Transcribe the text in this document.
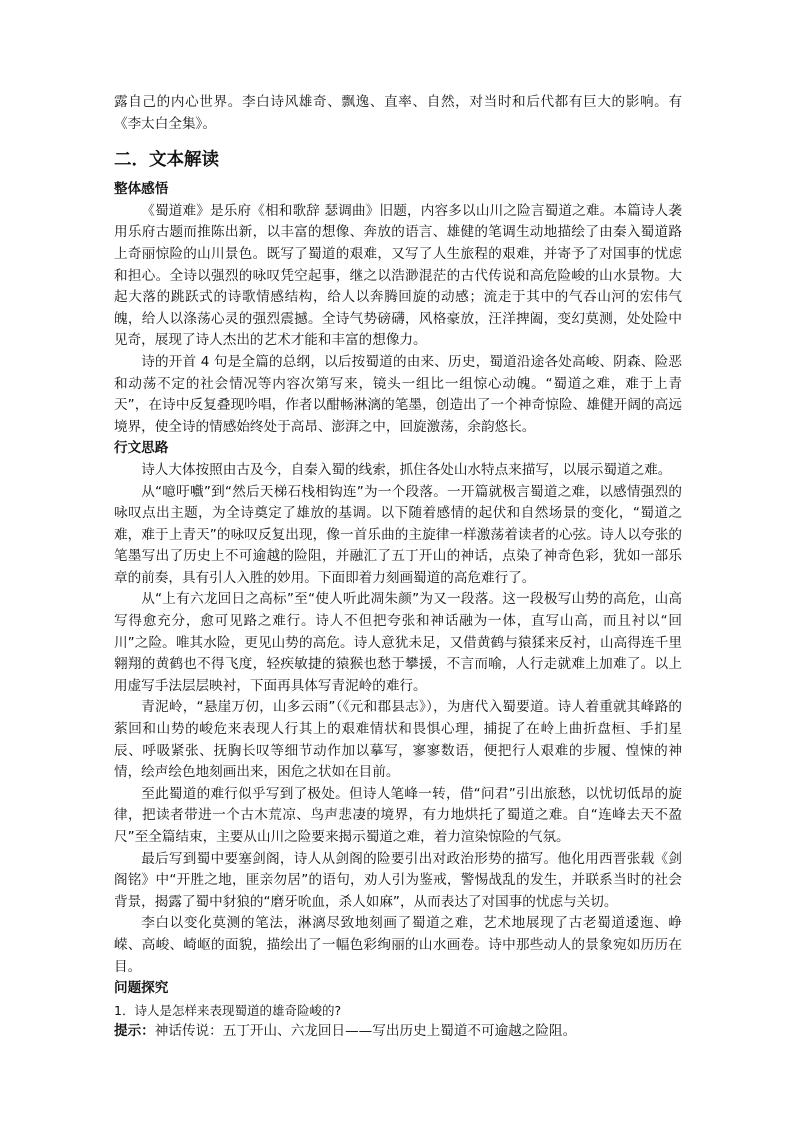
露自己的内心世界。李白诗风雄奇、飘逸、直率、自然，对当时和后代都有巨大的影响。有《李太白全集》。

二．文本解读
整体感悟

《蜀道难》是乐府《相和歌辞 瑟调曲》旧题，内容多以山川之险言蜀道之难。本篇诗人袭用乐府古题而推陈出新，以丰富的想像、奔放的语言、雄健的笔调生动地描绘了由秦入蜀道路上奇丽惊险的山川景色。既写了蜀道的艰难，又写了人生旅程的艰难，并寄予了对国事的忧虑和担心。全诗以强烈的咏叹凭空起事，继之以浩渺混茫的古代传说和高危险峻的山水景物。大起大落的跳跃式的诗歌情感结构，给人以奔腾回旋的动感；流走于其中的气吞山河的宏伟气魄，给人以涤荡心灵的强烈震撼。全诗气势磅礴，风格豪放，汪洋捭阖，变幻莫测，处处险中见奇，展现了诗人杰出的艺术才能和丰富的想像力。

诗的开首 4 句是全篇的总纲，以后按蜀道的由来、历史，蜀道沿途各处高峻、阴森、险恶和动荡不定的社会情况等内容次第写来，镜头一组比一组惊心动魄。“蜀道之难，难于上青天”，在诗中反复叠现吟唱，作者以酣畅淋漓的笔墨，创造出了一个神奇惊险、雄健开阔的高远境界，使全诗的情感始终处于高昂、澎湃之中，回旋激荡，余韵悠长。

行文思路

诗人大体按照由古及今，自秦入蜀的线索，抓住各处山水特点来描写，以展示蜀道之难。

从“噫吁嚱”到“然后天梯石栈相钩连”为一个段落。一开篇就极言蜀道之难，以感情强烈的咏叹点出主题，为全诗奠定了雄放的基调。以下随着感情的起伏和自然场景的变化，“蜀道之难，难于上青天”的咏叹反复出现，像一首乐曲的主旋律一样激荡着读者的心弦。诗人以夸张的笔墨写出了历史上不可逾越的险阻，并融汇了五丁开山的神话，点染了神奇色彩，犹如一部乐章的前奏，具有引人入胜的妙用。下面即着力刻画蜀道的高危难行了。

从“上有六龙回日之高标”至“使人听此凋朱颜”为又一段落。这一段极写山势的高危，山高写得愈充分，愈可见路之难行。诗人不但把夸张和神话融为一体，直写山高，而且衬以“回川”之险。唯其水险，更见山势的高危。诗人意犹未足，又借黄鹤与猿猱来反衬，山高得连千里翱翔的黄鹤也不得飞度，轻疾敏捷的猿猴也愁于攀援，不言而喻，人行走就难上加难了。以上用虚写手法层层映衬，下面再具体写青泥岭的难行。

青泥岭，“悬崖万仞，山多云雨”（《元和郡县志》），为唐代入蜀要道。诗人着重就其峰路的萦回和山势的峻危来表现人行其上的艰难情状和畏惧心理，捕捉了在岭上曲折盘桓、手扪星辰、呼吸紧张、抚胸长叹等细节动作加以摹写，寥寥数语，便把行人艰难的步履、惶悚的神情，绘声绘色地刻画出来，困危之状如在目前。

至此蜀道的难行似乎写到了极处。但诗人笔峰一转，借“问君”引出旅愁，以忧切低昂的旋律，把读者带进一个古木荒凉、鸟声悲凄的境界，有力地烘托了蜀道之难。自“连峰去天不盈尺”至全篇结束，主要从山川之险要来揭示蜀道之难，着力渲染惊险的气氛。

最后写到蜀中要塞剑阁，诗人从剑阁的险要引出对政治形势的描写。他化用西晋张载《剑阁铭》中“开胜之地，匪亲勿居”的语句，劝人引为鉴戒，警惕战乱的发生，并联系当时的社会背景，揭露了蜀中豺狼的“磨牙吮血，杀人如麻”，从而表达了对国事的忧虑与关切。

李白以变化莫测的笔法，淋漓尽致地刻画了蜀道之难，艺术地展现了古老蜀道逶迤、峥嵘、高峻、崎岖的面貌，描绘出了一幅色彩绚丽的山水画卷。诗中那些动人的景象宛如历历在目。

问题探究

1．诗人是怎样来表现蜀道的雄奇险峻的?

提示：神话传说：五丁开山、六龙回日——写出历史上蜀道不可逾越之险阻。
